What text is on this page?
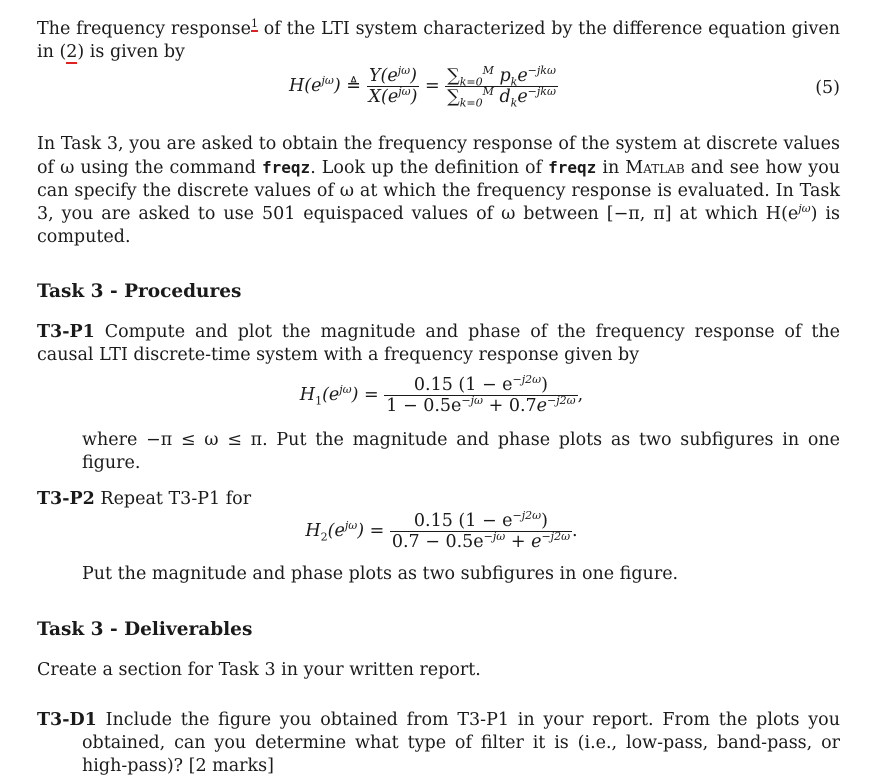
The frequency response$^1$ of the LTI system characterized by the difference equation given in (2) is given by

$H(e^{j\omega})$ ≜ $\frac{Y(e^{j\omega})}{X(e^{j\omega})} = \frac{\sum_{k=0}^M p_ke^{-jk\omega}}{\sum_{k=0}^M d_ke^{-jk\omega}}$	(5)

In Task 3, you are asked to obtain the frequency response of the system at discrete values of ω using the command freqz. Look up the definition of freqz in Matlab and see how you can specify the discrete values of ω at which the frequency response is evaluated. In Task 3, you are asked to use 501 equispaced values of ω between [−π, π] at which $H(e^{j\omega})$ is computed.

Task 3 - Procedures

T3-P1 Compute and plot the magnitude and phase of the frequency response of the causal LTI discrete-time system with a frequency response given by

$H_1(e^{j\omega}) = \frac{0.15 (1 - e^{-j2\omega})}{1 - 0.5e^{-j\omega} + 0.7e^{-j2\omega}}$ ,

where −π ≤ ω ≤ π. Put the magnitude and phase plots as two subfigures in one figure.

T3-P2 Repeat T3-P1 for

$H_2(e^{j\omega}) = \frac{0.15 (1 - e^{-j2\omega})}{0.7 - 0.5e^{-j\omega} + e^{-j2\omega}}$ .

Put the magnitude and phase plots as two subfigures in one figure.

Task 3 - Deliverables

Create a section for Task 3 in your written report.

T3-D1 Include the figure you obtained from T3-P1 in your report. From the plots you obtained, can you determine what type of filter it is (i.e., low-pass, band-pass, or high-pass)? [2 marks]
